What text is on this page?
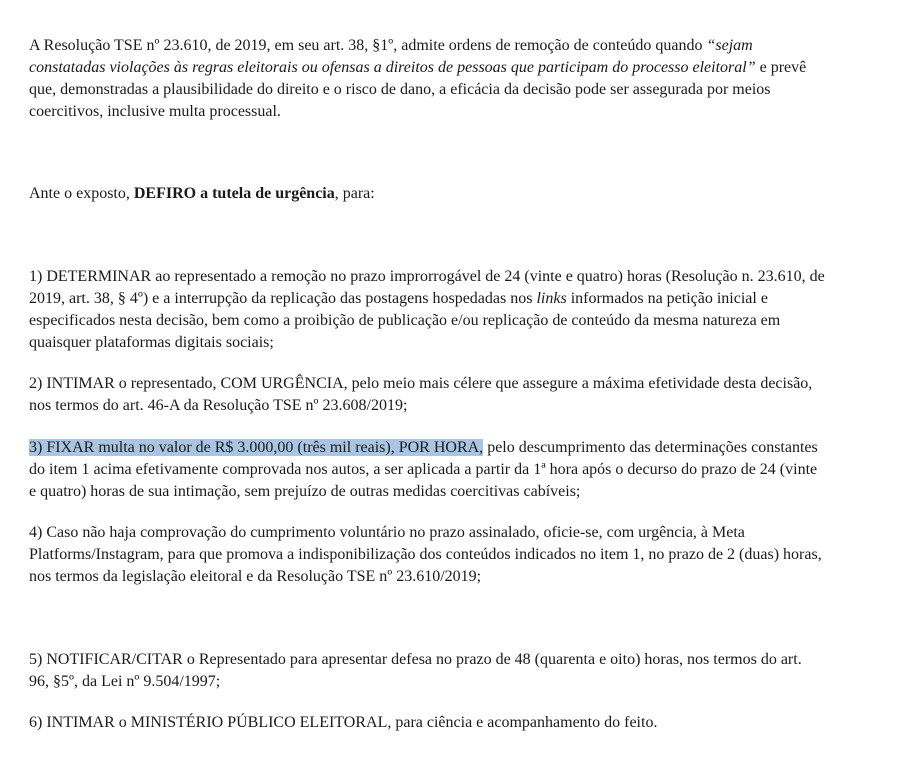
A Resolução TSE nº 23.610, de 2019, em seu art. 38, §1º, admite ordens de remoção de conteúdo quando “sejam
constatadas violações às regras eleitorais ou ofensas a direitos de pessoas que participam do processo eleitoral” e prevê
que, demonstradas a plausibilidade do direito e o risco de dano, a eficácia da decisão pode ser assegurada por meios
coercitivos, inclusive multa processual.
Ante o exposto, DEFIRO a tutela de urgência, para:
1) DETERMINAR ao representado a remoção no prazo improrrogável de 24 (vinte e quatro) horas (Resolução n. 23.610, de
2019, art. 38, § 4º) e a interrupção da replicação das postagens hospedadas nos links informados na petição inicial e
especificados nesta decisão, bem como a proibição de publicação e/ou replicação de conteúdo da mesma natureza em
quaisquer plataformas digitais sociais;
2) INTIMAR o representado, COM URGÊNCIA, pelo meio mais célere que assegure a máxima efetividade desta decisão,
nos termos do art. 46-A da Resolução TSE nº 23.608/2019;
3) FIXAR multa no valor de R$ 3.000,00 (três mil reais), POR HORA, pelo descumprimento das determinações constantes
do item 1 acima efetivamente comprovada nos autos, a ser aplicada a partir da 1ª hora após o decurso do prazo de 24 (vinte
e quatro) horas de sua intimação, sem prejuízo de outras medidas coercitivas cabíveis;
4) Caso não haja comprovação do cumprimento voluntário no prazo assinalado, oficie-se, com urgência, à Meta
Platforms/Instagram, para que promova a indisponibilização dos conteúdos indicados no item 1, no prazo de 2 (duas) horas,
nos termos da legislação eleitoral e da Resolução TSE nº 23.610/2019;
5) NOTIFICAR/CITAR o Representado para apresentar defesa no prazo de 48 (quarenta e oito) horas, nos termos do art.
96, §5º, da Lei nº 9.504/1997;
6) INTIMAR o MINISTÉRIO PÚBLICO ELEITORAL, para ciência e acompanhamento do feito.
